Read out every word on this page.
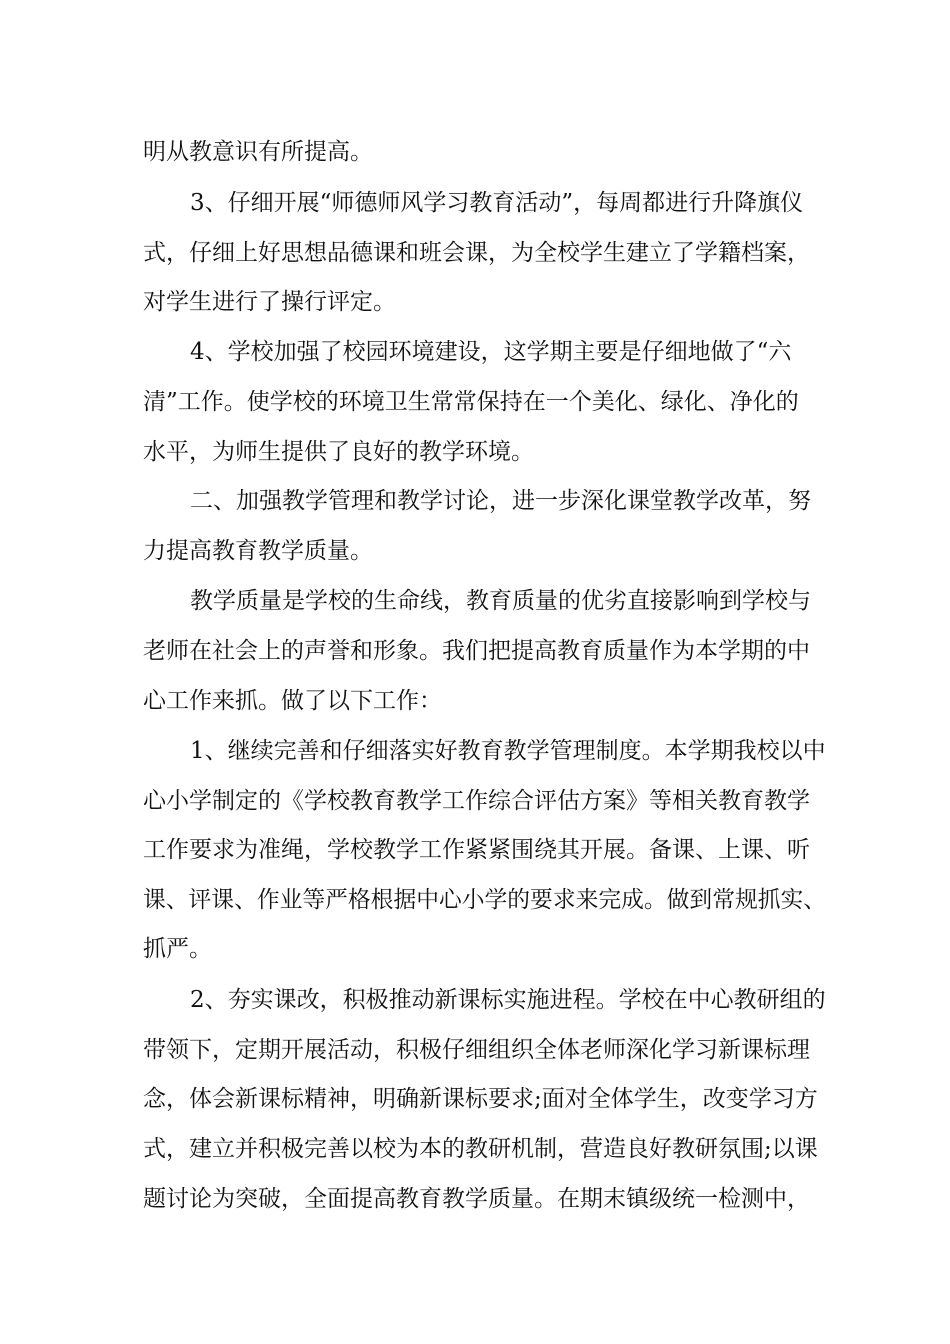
明从教意识有所提高。
3、仔细开展“师德师风学习教育活动”，每周都进行升降旗仪
式，仔细上好思想品德课和班会课，为全校学生建立了学籍档案，
对学生进行了操行评定。
4、学校加强了校园环境建设，这学期主要是仔细地做了“六
清”工作。使学校的环境卫生常常保持在一个美化、绿化、净化的
水平，为师生提供了良好的教学环境。
二、加强教学管理和教学讨论，进一步深化课堂教学改革，努
力提高教育教学质量。
教学质量是学校的生命线，教育质量的优劣直接影响到学校与
老师在社会上的声誉和形象。我们把提高教育质量作为本学期的中
心工作来抓。做了以下工作：
1、继续完善和仔细落实好教育教学管理制度。本学期我校以中
心小学制定的《学校教育教学工作综合评估方案》等相关教育教学
工作要求为准绳，学校教学工作紧紧围绕其开展。备课、上课、听
课、评课、作业等严格根据中心小学的要求来完成。做到常规抓实、
抓严。
2、夯实课改，积极推动新课标实施进程。学校在中心教研组的
带领下，定期开展活动，积极仔细组织全体老师深化学习新课标理
念，体会新课标精神，明确新课标要求;面对全体学生，改变学习方
式，建立并积极完善以校为本的教研机制，营造良好教研氛围;以课
题讨论为突破，全面提高教育教学质量。在期末镇级统一检测中，
